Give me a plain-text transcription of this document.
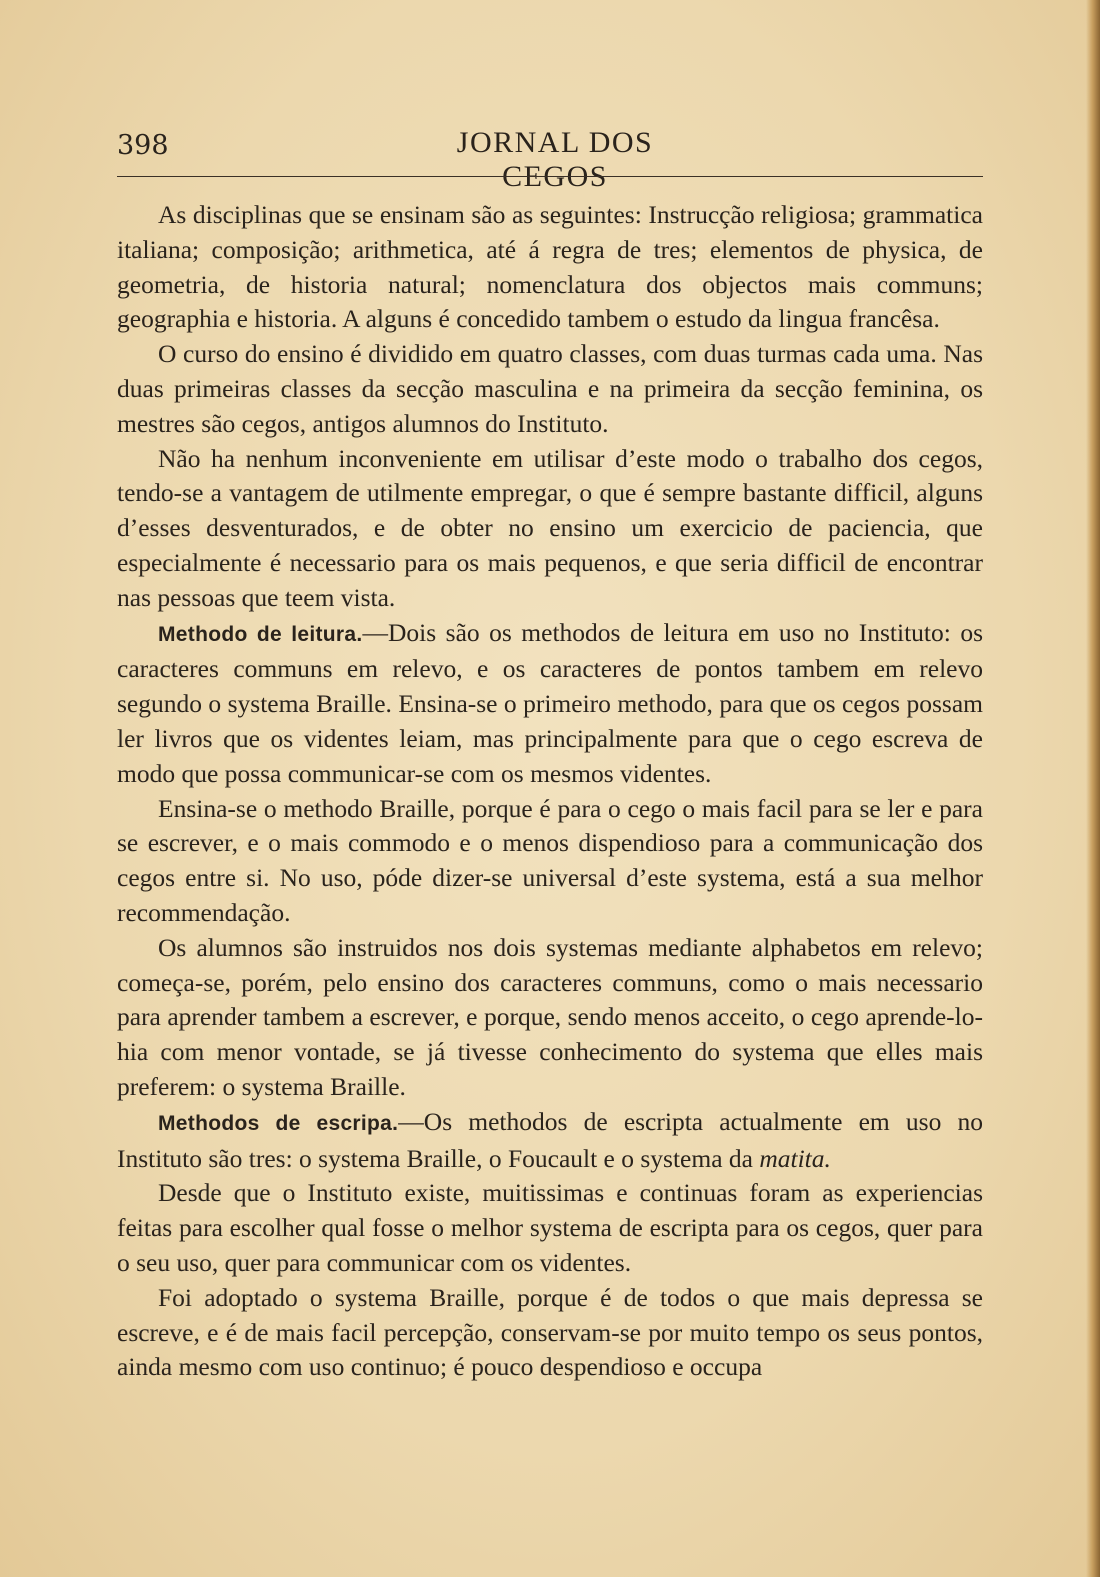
398	JORNAL DOS CEGOS

As disciplinas que se ensinam são as seguintes: Instrucção religiosa; grammatica italiana; composição; arithmetica, até á regra de tres; elementos de physica, de geometria, de historia natural; nomenclatura dos objectos mais communs; geographia e historia. A alguns é concedido tambem o estudo da lingua francêsa.

O curso do ensino é dividido em quatro classes, com duas turmas cada uma. Nas duas primeiras classes da secção masculina e na primeira da secção feminina, os mestres são cegos, antigos alumnos do Instituto.

Não ha nenhum inconveniente em utilisar d’este modo o trabalho dos cegos, tendo-se a vantagem de utilmente empregar, o que é sempre bastante difficil, alguns d’esses desventurados, e de obter no ensino um exercicio de paciencia, que especialmente é necessario para os mais pequenos, e que seria difficil de encontrar nas pessoas que teem vista.

Methodo de leitura.—Dois são os methodos de leitura em uso no Instituto: os caracteres communs em relevo, e os caracteres de pontos tambem em relevo segundo o systema Braille. Ensina-se o primeiro methodo, para que os cegos possam ler livros que os videntes leiam, mas principalmente para que o cego escreva de modo que possa communicar-se com os mesmos videntes.

Ensina-se o methodo Braille, porque é para o cego o mais facil para se ler e para se escrever, e o mais commodo e o menos dispendioso para a communicação dos cegos entre si. No uso, póde dizer-se universal d’este systema, está a sua melhor recommendação.

Os alumnos são instruidos nos dois systemas mediante alphabetos em relevo; começa-se, porém, pelo ensino dos caracteres communs, como o mais necessario para aprender tambem a escrever, e porque, sendo menos acceito, o cego aprende-lo-hia com menor vontade, se já tivesse conhecimento do systema que elles mais preferem: o systema Braille.

Methodos de escripa.—Os methodos de escripta actualmente em uso no Instituto são tres: o systema Braille, o Foucault e o systema da matita.

Desde que o Instituto existe, muitissimas e continuas foram as experiencias feitas para escolher qual fosse o melhor systema de escripta para os cegos, quer para o seu uso, quer para communicar com os videntes.

Foi adoptado o systema Braille, porque é de todos o que mais depressa se escreve, e é de mais facil percepção, conservam-se por muito tempo os seus pontos, ainda mesmo com uso continuo; é pouco despendioso e occupa
